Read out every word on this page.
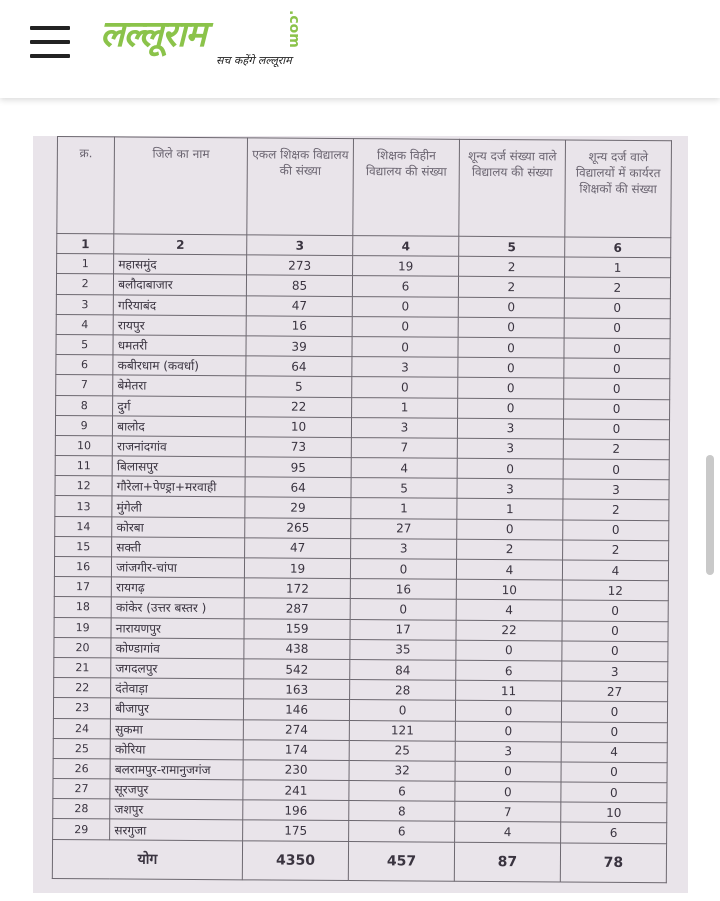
लल्लूराम	.com
सच कहेंगे लल्लूराम
क्र.	जिले का नाम	एकल शिक्षक विद्यालय की संख्या	शिक्षक विहीन विद्यालय की संख्या	शून्य दर्ज संख्या वाले विद्यालय की संख्या	शून्य दर्ज वाले विद्यालयों में कार्यरत शिक्षकों की संख्या
1	2	3	4	5	6
1	महासमुंद	273	19	2	1
2	बलौदाबाजार	85	6	2	2
3	गरियाबंद	47	0	0	0
4	रायपुर	16	0	0	0
5	धमतरी	39	0	0	0
6	कबीरधाम (कवर्धा)	64	3	0	0
7	बेमेतरा	5	0	0	0
8	दुर्ग	22	1	0	0
9	बालोद	10	3	3	0
10	राजनांदगांव	73	7	3	2
11	बिलासपुर	95	4	0	0
12	गौरेला+पेण्ड्रा+मरवाही	64	5	3	3
13	मुंगेली	29	1	1	2
14	कोरबा	265	27	0	0
15	सक्ती	47	3	2	2
16	जांजगीर-चांपा	19	0	4	4
17	रायगढ़	172	16	10	12
18	कांकेर (उत्तर बस्तर )	287	0	4	0
19	नारायणपुर	159	17	22	0
20	कोण्डागांव	438	35	0	0
21	जगदलपुर	542	84	6	3
22	दंतेवाड़ा	163	28	11	27
23	बीजापुर	146	0	0	0
24	सुकमा	274	121	0	0
25	कोरिया	174	25	3	4
26	बलरामपुर-रामानुजगंज	230	32	0	0
27	सूरजपुर	241	6	0	0
28	जशपुर	196	8	7	10
29	सरगुजा	175	6	4	6
योग		4350	457	87	78
